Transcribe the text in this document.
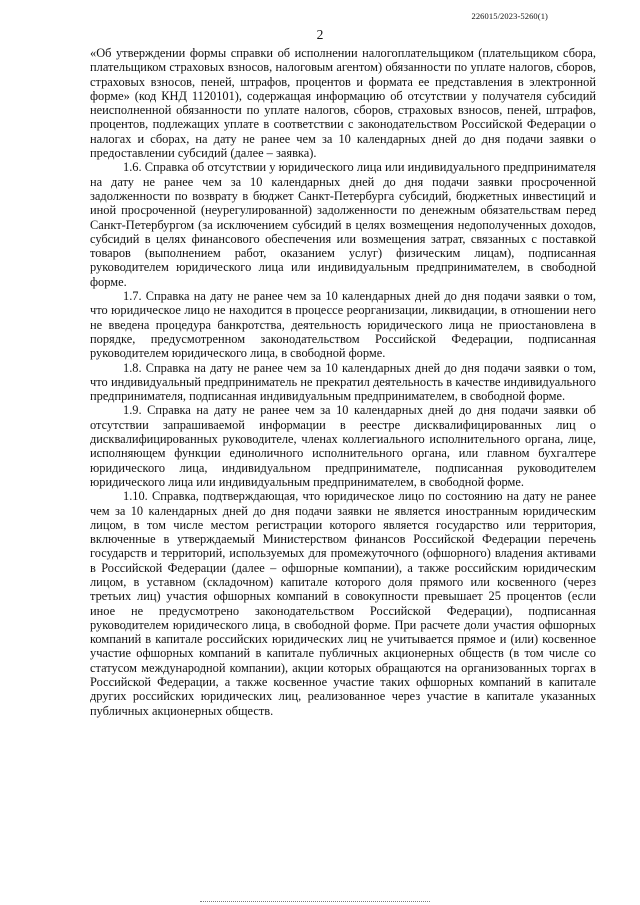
226015/2023-5260(1)
2

«Об утверждении формы справки об исполнении налогоплательщиком (плательщиком сбора, плательщиком страховых взносов, налоговым агентом) обязанности по уплате налогов, сборов, страховых взносов, пеней, штрафов, процентов и формата ее представления в электронной форме» (код КНД 1120101), содержащая информацию об отсутствии у получателя субсидий неисполненной обязанности по уплате налогов, сборов, страховых взносов, пеней, штрафов, процентов, подлежащих уплате в соответствии с законодательством Российской Федерации о налогах и сборах, на дату не ранее чем за 10 календарных дней до дня подачи заявки о предоставлении субсидий (далее – заявка).

1.6. Справка об отсутствии у юридического лица или индивидуального предпринимателя на дату не ранее чем за 10 календарных дней до дня подачи заявки просроченной задолженности по возврату в бюджет Санкт-Петербурга субсидий, бюджетных инвестиций и иной просроченной (неурегулированной) задолженности по денежным обязательствам перед Санкт-Петербургом (за исключением субсидий в целях возмещения недополученных доходов, субсидий в целях финансового обеспечения или возмещения затрат, связанных с поставкой товаров (выполнением работ, оказанием услуг) физическим лицам), подписанная руководителем юридического лица или индивидуальным предпринимателем, в свободной форме.

1.7. Справка на дату не ранее чем за 10 календарных дней до дня подачи заявки о том, что юридическое лицо не находится в процессе реорганизации, ликвидации, в отношении него не введена процедура банкротства, деятельность юридического лица не приостановлена в порядке, предусмотренном законодательством Российской Федерации, подписанная руководителем юридического лица, в свободной форме.

1.8. Справка на дату не ранее чем за 10 календарных дней до дня подачи заявки о том, что индивидуальный предприниматель не прекратил деятельность в качестве индивидуального предпринимателя, подписанная индивидуальным предпринимателем, в свободной форме.

1.9. Справка на дату не ранее чем за 10 календарных дней до дня подачи заявки об отсутствии запрашиваемой информации в реестре дисквалифицированных лиц о дисквалифицированных руководителе, членах коллегиального исполнительного органа, лице, исполняющем функции единоличного исполнительного органа, или главном бухгалтере юридического лица, индивидуальном предпринимателе, подписанная руководителем юридического лица или индивидуальным предпринимателем, в свободной форме.

1.10. Справка, подтверждающая, что юридическое лицо по состоянию на дату не ранее чем за 10 календарных дней до дня подачи заявки не является иностранным юридическим лицом, в том числе местом регистрации которого является государство или территория, включенные в утверждаемый Министерством финансов Российской Федерации перечень государств и территорий, используемых для промежуточного (офшорного) владения активами в Российской Федерации (далее – офшорные компании), а также российским юридическим лицом, в уставном (складочном) капитале которого доля прямого или косвенного (через третьих лиц) участия офшорных компаний в совокупности превышает 25 процентов (если иное не предусмотрено законодательством Российской Федерации), подписанная руководителем юридического лица, в свободной форме. При расчете доли участия офшорных компаний в капитале российских юридических лиц не учитывается прямое и (или) косвенное участие офшорных компаний в капитале публичных акционерных обществ (в том числе со статусом международной компании), акции которых обращаются на организованных торгах в Российской Федерации, а также косвенное участие таких офшорных компаний в капитале других российских юридических лиц, реализованное через участие в капитале указанных публичных акционерных обществ.
